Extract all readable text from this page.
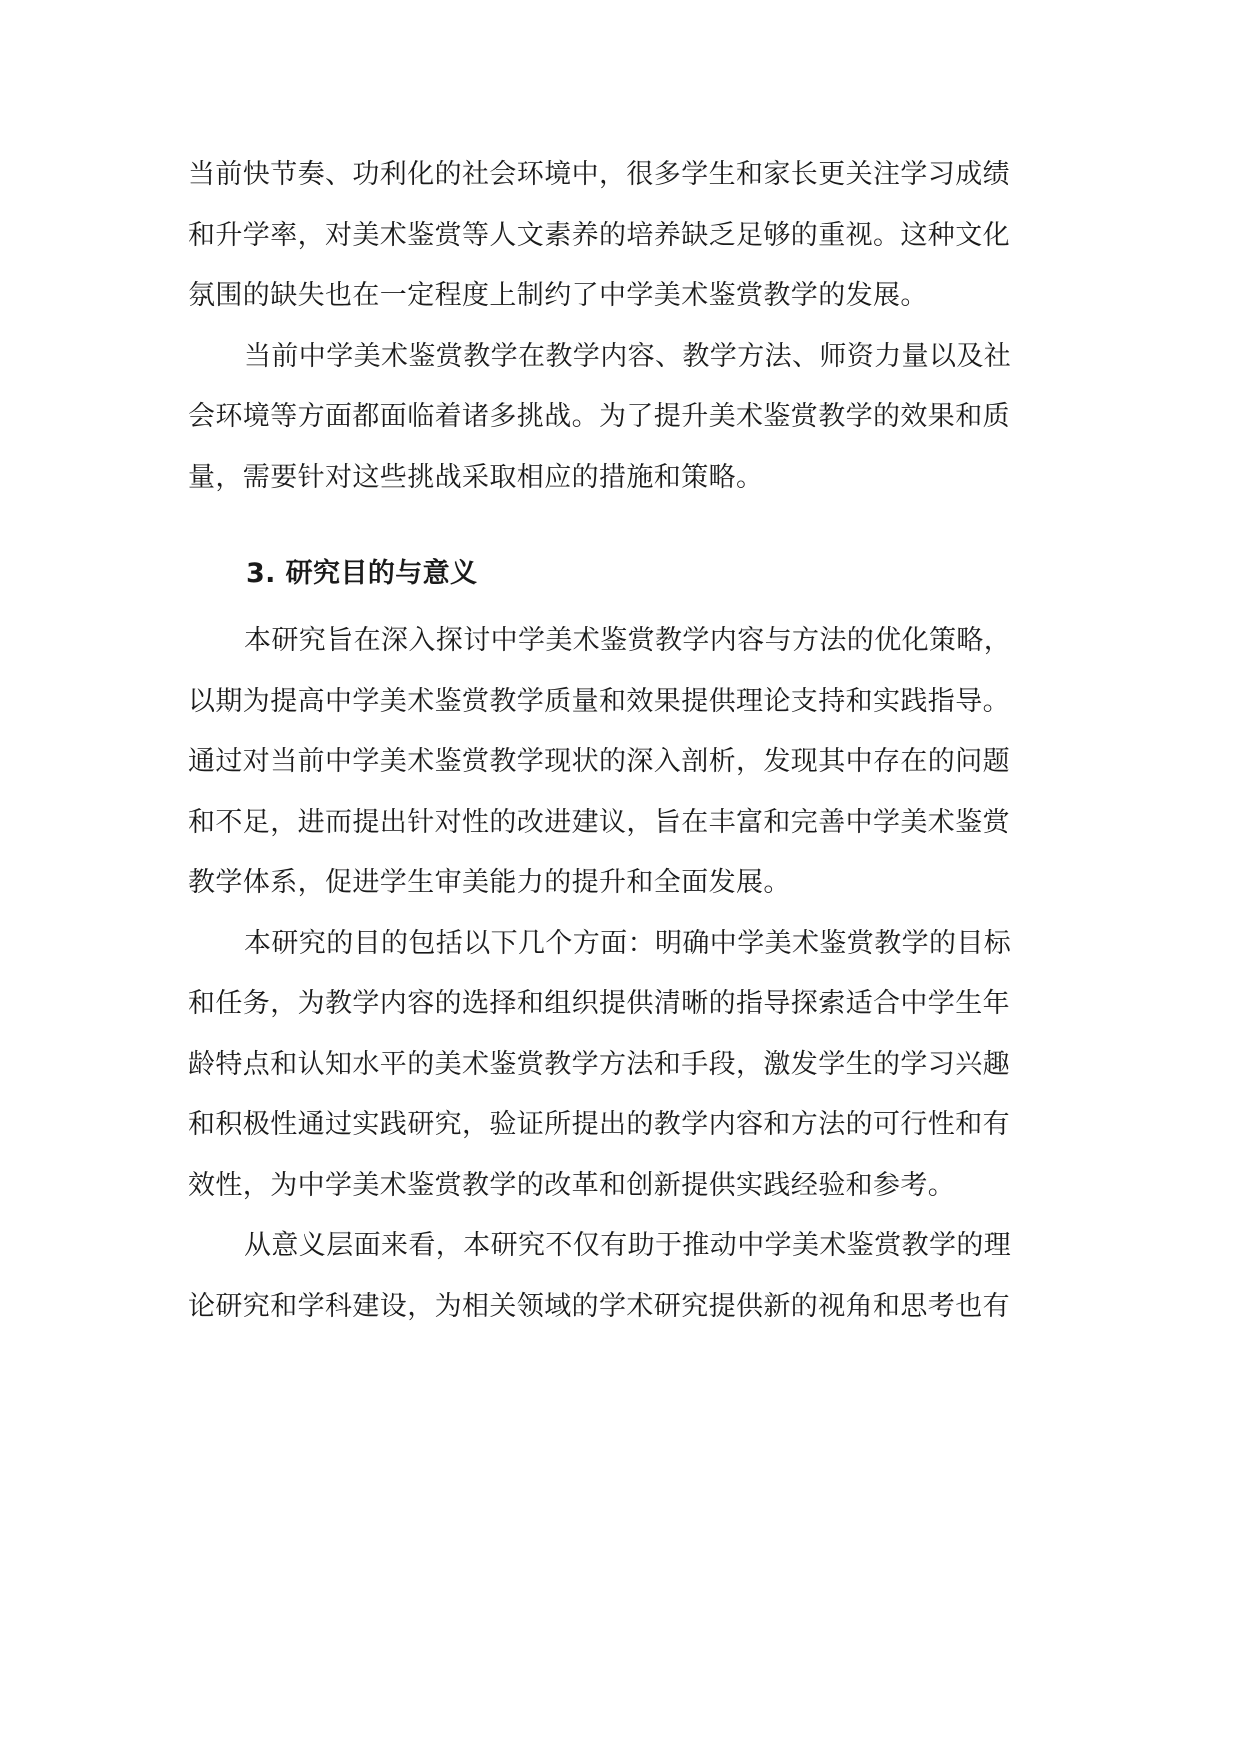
当前快节奏、功利化的社会环境中，很多学生和家长更关注学习成绩
和升学率，对美术鉴赏等人文素养的培养缺乏足够的重视。这种文化
氛围的缺失也在一定程度上制约了中学美术鉴赏教学的发展。
当前中学美术鉴赏教学在教学内容、教学方法、师资力量以及社
会环境等方面都面临着诸多挑战。为了提升美术鉴赏教学的效果和质
量，需要针对这些挑战采取相应的措施和策略。
3. 研究目的与意义
本研究旨在深入探讨中学美术鉴赏教学内容与方法的优化策略，
以期为提高中学美术鉴赏教学质量和效果提供理论支持和实践指导。
通过对当前中学美术鉴赏教学现状的深入剖析，发现其中存在的问题
和不足，进而提出针对性的改进建议，旨在丰富和完善中学美术鉴赏
教学体系，促进学生审美能力的提升和全面发展。
本研究的目的包括以下几个方面：明确中学美术鉴赏教学的目标
和任务，为教学内容的选择和组织提供清晰的指导探索适合中学生年
龄特点和认知水平的美术鉴赏教学方法和手段，激发学生的学习兴趣
和积极性通过实践研究，验证所提出的教学内容和方法的可行性和有
效性，为中学美术鉴赏教学的改革和创新提供实践经验和参考。
从意义层面来看，本研究不仅有助于推动中学美术鉴赏教学的理
论研究和学科建设，为相关领域的学术研究提供新的视角和思考也有
